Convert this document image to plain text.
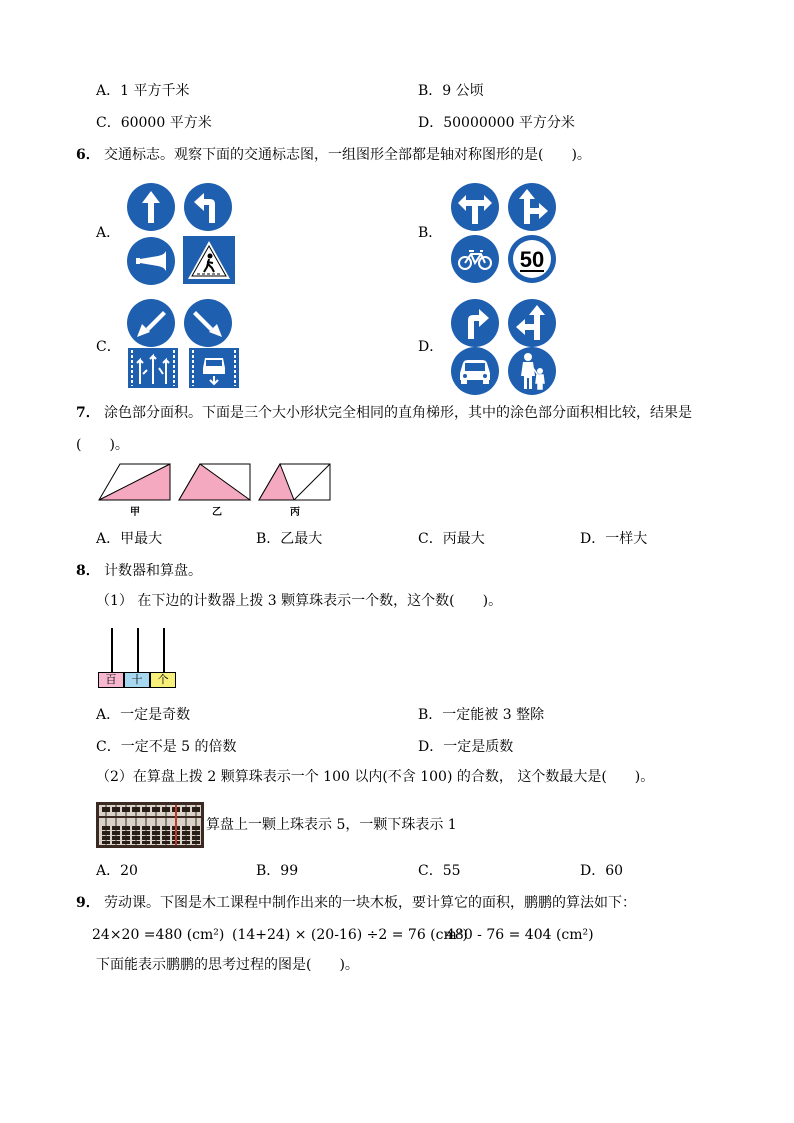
A．1 平方千米	B．9 公顷
C．60000 平方米	D．50000000 平方分米
6． 交通标志。观察下面的交通标志图，一组图形全部都是轴对称图形的是(　　)。
A．	B．
C．	D．
50
7． 涂色部分面积。下面是三个大小形状完全相同的直角梯形，其中的涂色部分面积相比较，结果是
(　　)。
甲	乙	丙
A．甲最大	B．乙最大	C．丙最大	D．一样大
8． 计数器和算盘。
（1） 在下边的计数器上拨 3 颗算珠表示一个数，这个数(　　)。
百	十	个
A．一定是奇数	B．一定能被 3 整除
C．一定不是 5 的倍数	D．一定是质数
（2）在算盘上拨 2 颗算珠表示一个 100 以内(不含 100) 的合数， 这个数最大是(　　)。
算盘上一颗上珠表示 5，一颗下珠表示 1
A．20	B．99	C．55	D．60
9． 劳动课。下图是木工课程中制作出来的一块木板，要计算它的面积，鹏鹏的算法如下：
24×20 =480 (cm²) (14+24) × (20-16) ÷2 = 76 (cm²)
480 - 76 = 404 (cm²)
下面能表示鹏鹏的思考过程的图是(　　)。
